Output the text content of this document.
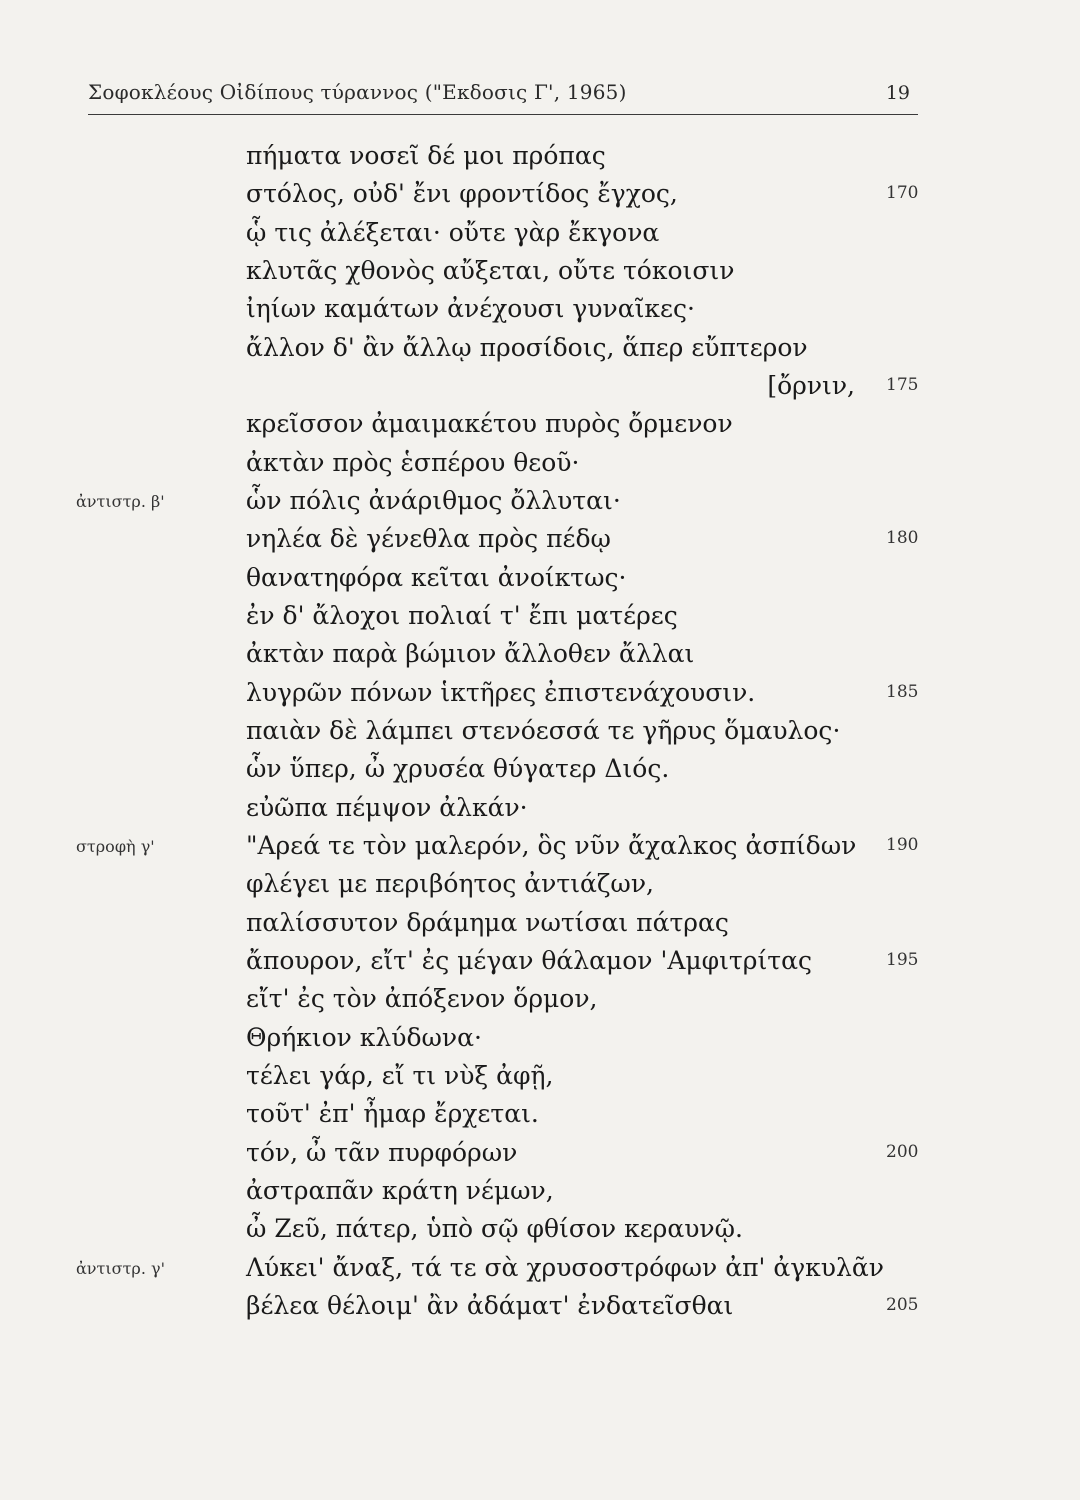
Σοφοκλέους Οἰδίπους τύραννος ("Εκδοσις Γ', 1965)	19
πήματα νοσεῖ δέ μοι πρόπας
στόλος, οὐδ' ἔνι φροντίδος ἔγχος,	170
ᾧ τις ἀλέξεται· οὔτε γὰρ ἔκγονα
κλυτᾶς χθονὸς αὔξεται, οὔτε τόκοισιν
ἰηίων καμάτων ἀνέχουσι γυναῖκες·
ἄλλον δ' ἂν ἄλλῳ προσίδοις, ἅπερ εὔπτερον
[ὄρνιν, 175
κρεῖσσον ἀμαιμακέτου πυρὸς ὄρμενον
ἀκτὰν πρὸς ἑσπέρου θεοῦ·
ὧν πόλις ἀνάριθμος ὄλλυται·
ἀντιστρ. β'
νηλέα δὲ γένεθλα πρὸς πέδῳ	180
θανατηφόρα κεῖται ἀνοίκτως·
ἐν δ' ἄλοχοι πολιαί τ' ἔπι ματέρες
ἀκτὰν παρὰ βώμιον ἄλλοθεν ἄλλαι
λυγρῶν πόνων ἱκτῆρες ἐπιστενάχουσιν.	185
παιὰν δὲ λάμπει στενόεσσά τε γῆρυς ὅμαυλος·
ὧν ὕπερ, ὦ χρυσέα θύγατερ Διός.
εὐῶπα πέμψον ἀλκάν·
"Αρεά τε τὸν μαλερόν, ὃς νῦν ἄχαλκος ἀσπίδων 190
στροφὴ γ'
φλέγει με περιβόητος ἀντιάζων,
παλίσσυτον δράμημα νωτίσαι πάτρας
ἄπουρον, εἴτ' ἐς μέγαν θάλαμον 'Αμφιτρίτας	195
εἴτ' ἐς τὸν ἀπόξενον ὅρμον,
Θρήκιον κλύδωνα·
τέλει γάρ, εἴ τι νὺξ ἀφῇ,
τοῦτ' ἐπ' ἦμαρ ἔρχεται.
τόν, ὦ τᾶν πυρφόρων	200
ἀστραπᾶν κράτη νέμων,
ὦ Ζεῦ, πάτερ, ὑπὸ σῷ φθίσον κεραυνῷ.
Λύκει' ἄναξ, τά τε σὰ χρυσοστρόφων ἀπ' ἀγκυλᾶν
ἀντιστρ. γ'
βέλεα θέλοιμ' ἂν ἀδάματ' ἐνδατεῖσθαι	205
